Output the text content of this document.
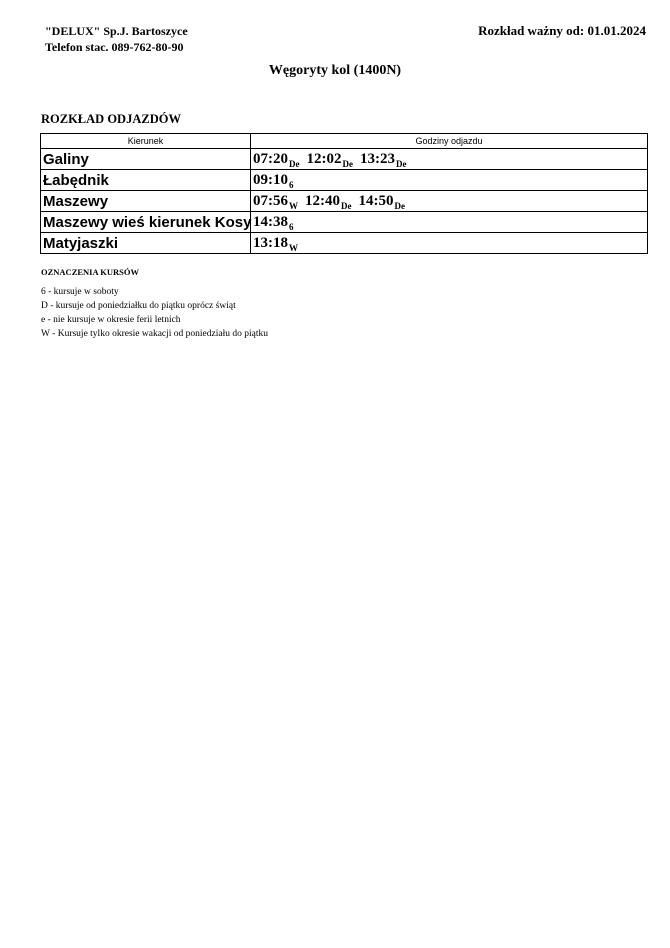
"DELUX" Sp.J. Bartoszyce
Telefon stac. 089-762-80-90
Rozkład ważny od: 01.01.2024
Węgoryty kol (1400N)
ROZKŁAD ODJAZDÓW
Kierunek	Godziny odjazdu
Galiny	$07:20_{De}$ $12:02_{De}$ $13:23_{De}$
Łabędnik	$09:10_6$
Maszewy	$07:56_W$ $12:40_{De}$ $14:50_{De}$
Maszewy wieś kierunek Kosy	$14:38_6$
Matyjaszki	$13:18_W$
OZNACZENIA KURSÓW
6 - kursuje w soboty
D - kursuje od poniedziałku do piątku oprócz świąt
e - nie kursuje w okresie ferii letnich
W - Kursuje tylko okresie wakacji od poniedziału do piątku
